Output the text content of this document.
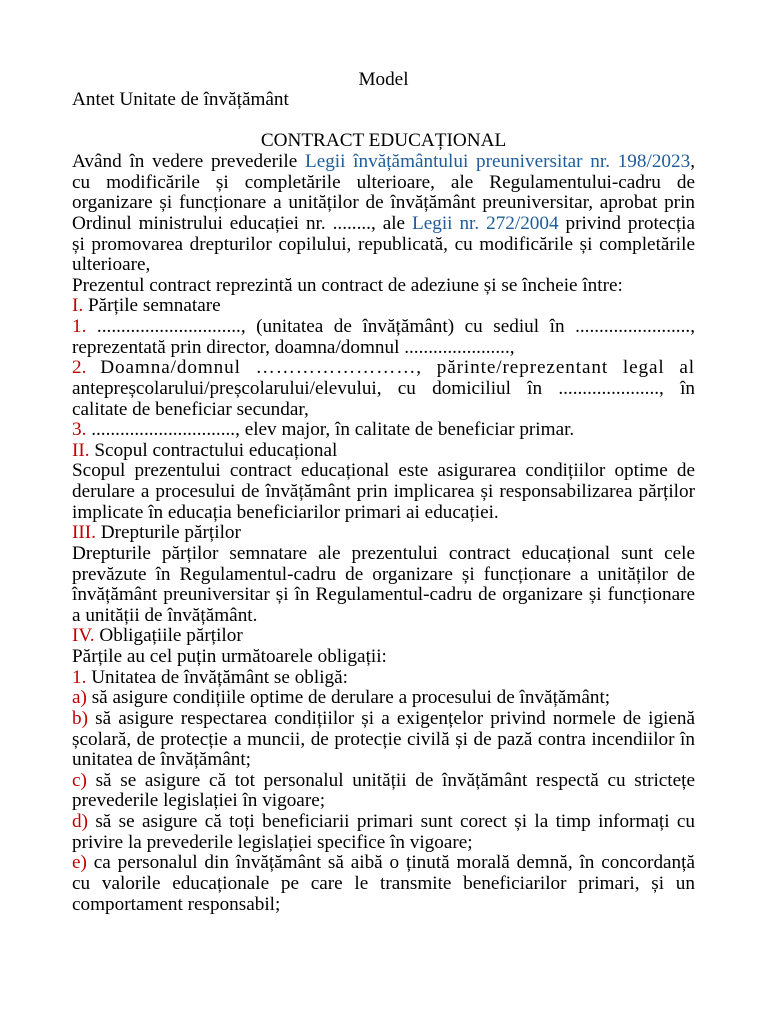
Model
Antet Unitate de învățământ
CONTRACT EDUCAȚIONAL
Având în vedere prevederile Legii învățământului preuniversitar nr. 198/2023,
cu modificările și completările ulterioare, ale Regulamentului-cadru de
organizare și funcționare a unităților de învățământ preuniversitar, aprobat prin
Ordinul ministrului educației nr. ........, ale Legii nr. 272/2004 privind protecția
și promovarea drepturilor copilului, republicată, cu modificările și completările
ulterioare,
Prezentul contract reprezintă un contract de adeziune și se încheie între:
I. Părțile semnatare
1. .............................., (unitatea de învățământ) cu sediul în ........................,
reprezentată prin director, doamna/domnul ......................,
2. Doamna/domnul ……………………, părinte/reprezentant legal al
antepreșcolarului/preșcolarului/elevului, cu domiciliul în ....................., în
calitate de beneficiar secundar,
3. .............................., elev major, în calitate de beneficiar primar.
II. Scopul contractului educațional
Scopul prezentului contract educațional este asigurarea condițiilor optime de
derulare a procesului de învățământ prin implicarea și responsabilizarea părților
implicate în educația beneficiarilor primari ai educației.
III. Drepturile părților
Drepturile părților semnatare ale prezentului contract educațional sunt cele
prevăzute în Regulamentul-cadru de organizare și funcționare a unităților de
învățământ preuniversitar și în Regulamentul-cadru de organizare și funcționare
a unității de învățământ.
IV. Obligațiile părților
Părțile au cel puțin următoarele obligații:
1. Unitatea de învățământ se obligă:
a) să asigure condițiile optime de derulare a procesului de învățământ;
b) să asigure respectarea condițiilor și a exigențelor privind normele de igienă
școlară, de protecție a muncii, de protecție civilă și de pază contra incendiilor în
unitatea de învățământ;
c) să se asigure că tot personalul unității de învățământ respectă cu strictețe
prevederile legislației în vigoare;
d) să se asigure că toți beneficiarii primari sunt corect și la timp informați cu
privire la prevederile legislației specifice în vigoare;
e) ca personalul din învățământ să aibă o ținută morală demnă, în concordanță
cu valorile educaționale pe care le transmite beneficiarilor primari, și un
comportament responsabil;
